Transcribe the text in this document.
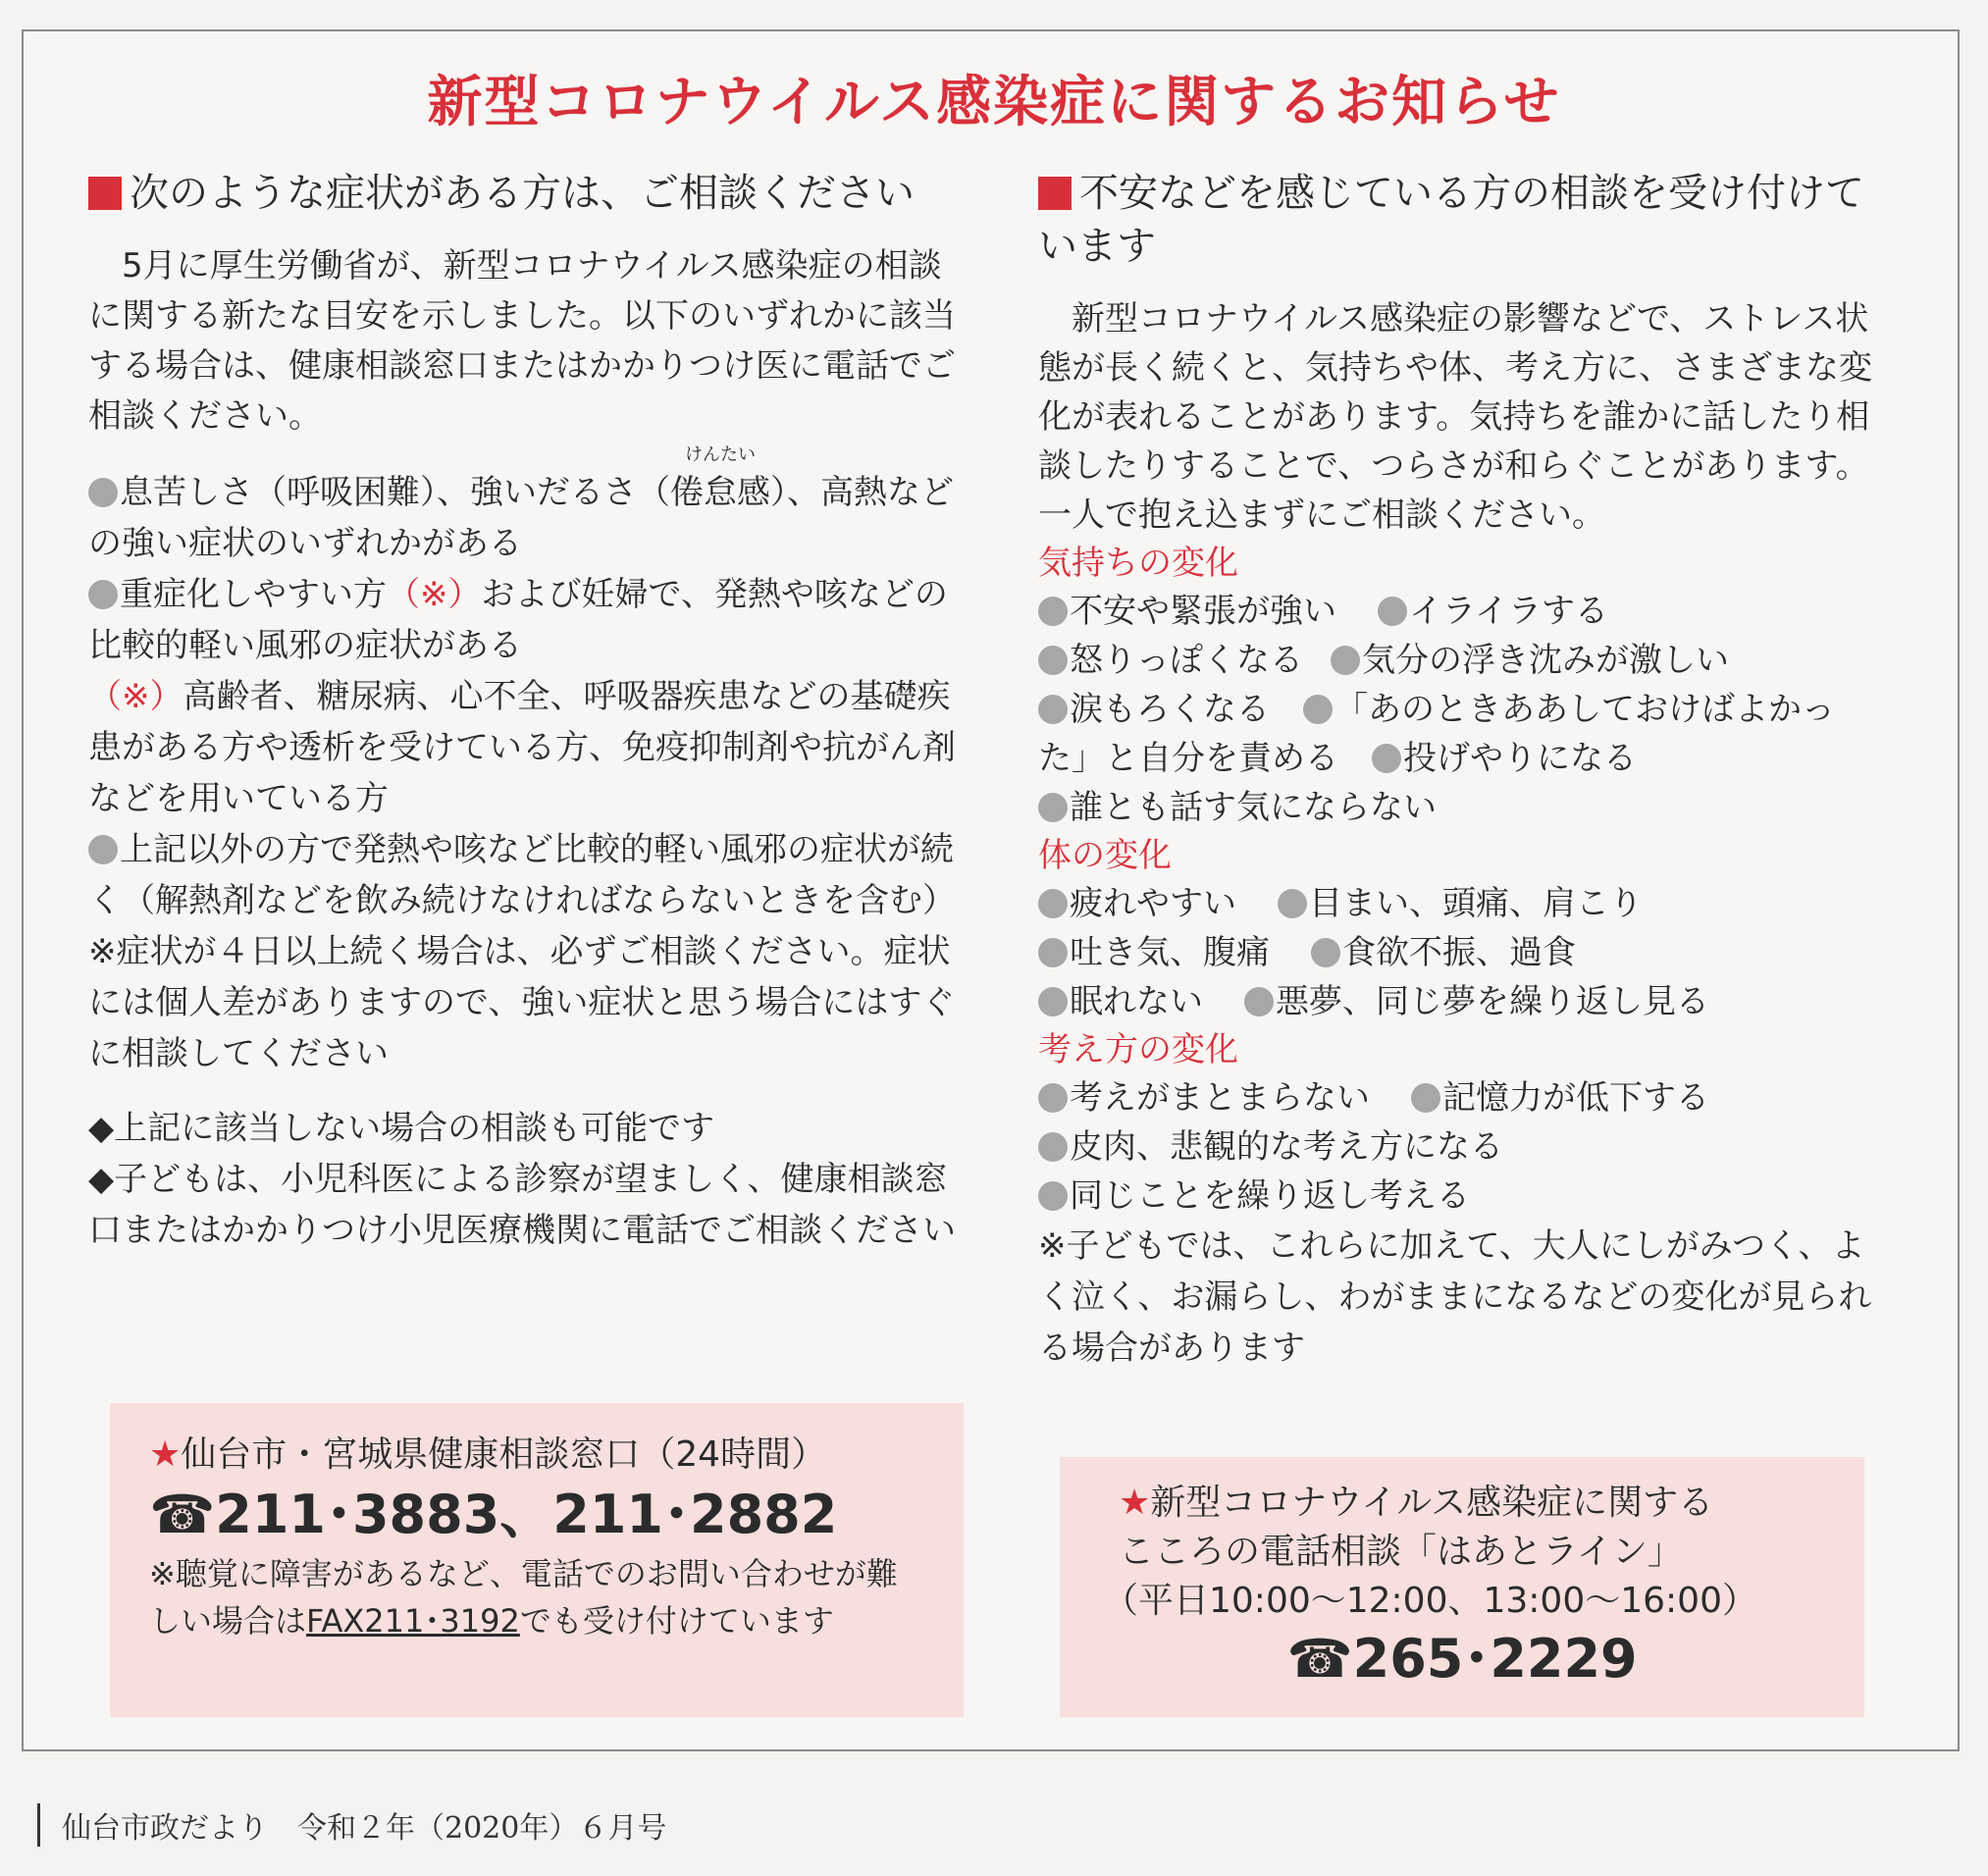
新型コロナウイルス感染症に関するお知らせ

次のような症状がある方は、ご相談ください

5月に厚生労働省が、新型コロナウイルス感染症の相談に関する新たな目安を示しました。以下のいずれかに該当する場合は、健康相談窓口またはかかりつけ医に電話でご相談ください。

息苦しさ（呼吸困難）、強いだるさ（
けんたい
倦怠感）、高熱などの強い症状のいずれかがある

重症化しやすい方（※）および妊婦で、発熱や咳などの比較的軽い風邪の症状がある

（※）高齢者、糖尿病、心不全、呼吸器疾患などの基礎疾患がある方や透析を受けている方、免疫抑制剤や抗がん剤などを用いている方

上記以外の方で発熱や咳など比較的軽い風邪の症状が続く（解熱剤などを飲み続けなければならないときを含む）※症状が４日以上続く場合は、必ずご相談ください。症状には個人差がありますので、強い症状と思う場合にはすぐに相談してください

◆上記に該当しない場合の相談も可能です

◆子どもは、小児科医による診察が望ましく、健康相談窓口またはかかりつけ小児医療機関に電話でご相談ください

★仙台市・宮城県健康相談窓口（24時間）

☎211･3883、211･2882

※聴覚に障害があるなど、電話でのお問い合わせが難しい場合はFAX211･3192でも受け付けています

不安などを感じている方の相談を受け付けています

新型コロナウイルス感染症の影響などで、ストレス状態が長く続くと、気持ちや体、考え方に、さまざまな変化が表れることがあります。気持ちを誰かに話したり相談したりすることで、つらさが和らぐことがあります。一人で抱え込まずにご相談ください。

気持ちの変化

不安や緊張が強い イライラする
怒りっぽくなる 気分の浮き沈みが激しい
涙もろくなる　 「あのときああしておけばよかった」と自分を責める　 投げやりになる
誰とも話す気にならない

体の変化

疲れやすい 目まい、頭痛、肩こり
吐き気、腹痛 食欲不振、過食
眠れない 悪夢、同じ夢を繰り返し見る

考え方の変化

考えがまとまらない 記憶力が低下する
皮肉、悲観的な考え方になる
同じことを繰り返し考える

※子どもでは、これらに加えて、大人にしがみつく、よく泣く、お漏らし、わがままになるなどの変化が見られる場合があります

★新型コロナウイルス感染症に関する

こころの電話相談「はあとライン」

（平日10:00～12:00、13:00～16:00）

☎265･2229

仙台市政だより　令和２年（2020年）６月号
